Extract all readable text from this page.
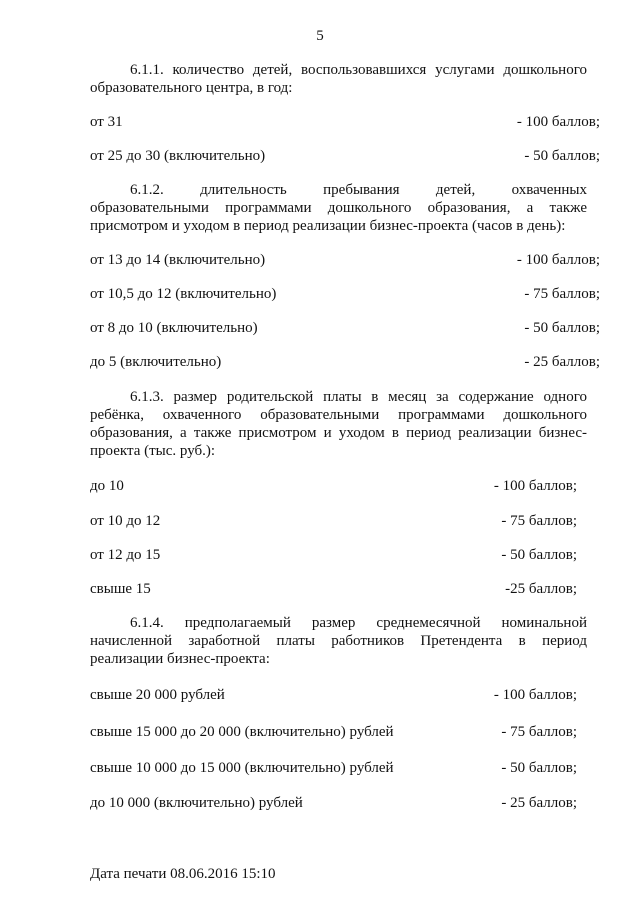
5
6.1.1. количество детей, воспользовавшихся услугами дошкольного
образовательного центра, в год:
от 31	- 100 баллов;
от 25 до 30 (включительно)	- 50 баллов;
6.1.2. длительность пребывания детей, охваченных
образовательными программами дошкольного образования, а также
присмотром и уходом в период реализации бизнес-проекта (часов в день):
от 13 до 14 (включительно)	- 100 баллов;
от 10,5 до 12 (включительно)	- 75 баллов;
от 8 до 10 (включительно)	- 50 баллов;
до 5 (включительно)	- 25 баллов;
6.1.3. размер родительской платы в месяц за содержание одного
ребёнка, охваченного образовательными программами дошкольного
образования, а также присмотром и уходом в период реализации бизнес-
проекта (тыс. руб.):
до 10	- 100 баллов;
от 10 до 12	- 75 баллов;
от 12 до 15	- 50 баллов;
свыше 15	-25 баллов;
6.1.4. предполагаемый размер среднемесячной номинальной
начисленной заработной платы работников Претендента в период
реализации бизнес-проекта:
свыше 20 000 рублей	- 100 баллов;
свыше 15 000 до 20 000 (включительно) рублей	- 75 баллов;
свыше 10 000 до 15 000 (включительно) рублей	- 50 баллов;
до 10 000 (включительно) рублей	- 25 баллов;
Дата печати 08.06.2016 15:10
